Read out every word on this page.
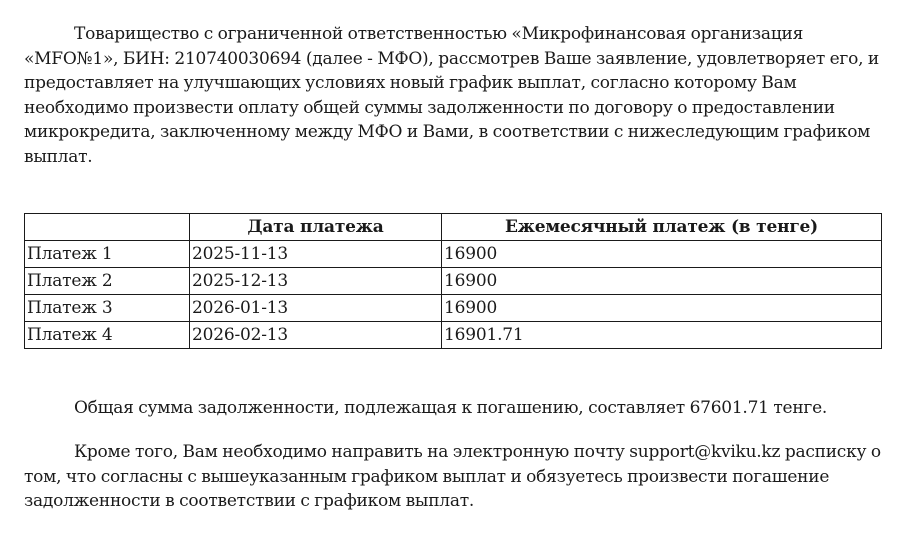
Товарищество с ограниченной ответственностью «Микрофинансовая организация «MFO№1», БИН: 210740030694 (далее - МФО), рассмотрев Ваше заявление, удовлетворяет его, и предоставляет на улучшающих условиях новый график выплат, согласно которому Вам необходимо произвести оплату общей суммы задолженности по договору о предоставлении микрокредита, заключенному между МФО и Вами, в соответствии с нижеследующим графиком выплат.

	Дата платежа	Ежемесячный платеж (в тенге)
Платеж 1	2025-11-13	16900
Платеж 2	2025-12-13	16900
Платеж 3	2026-01-13	16900
Платеж 4	2026-02-13	16901.71

Общая сумма задолженности, подлежащая к погашению, составляет 67601.71 тенге.

Кроме того, Вам необходимо направить на электронную почту support@kviku.kz расписку о том, что согласны с вышеуказанным графиком выплат и обязуетесь произвести погашение задолженности в соответствии с графиком выплат.
